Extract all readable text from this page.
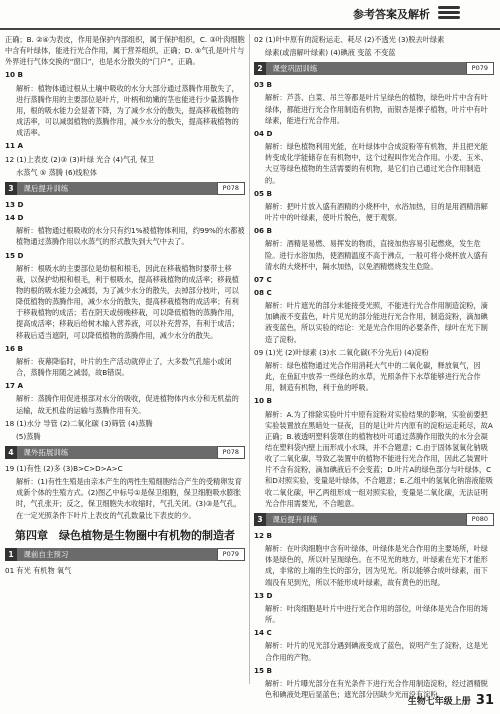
参考答案及解析

正确；B. ②④为表皮，作用是保护内部组织，属于保护组织，C. ③叶肉细胞中含有叶绿体，能进行光合作用，属于营养组织，正确；D. ⑤气孔是叶片与外界进行气体交换的“窗口”，也是水分散失的“门户”，正确。

10 B

解析：植物体通过根从土壤中吸收的水分大部分通过蒸腾作用散失了，进行蒸腾作用的主要部位是叶片，叶柄和幼嫩的茎也能进行少量蒸腾作用，根的吸水能力会显著下降，为了减少水分的散失，提高移栽植物的成活率，可以减弱植物的蒸腾作用，减少水分的散失，提高移栽植物的成活率。

11 A

12 (1)上表皮 (2)③ (3)叶绿 光合 (4)气孔 保卫

水蒸气 ⑤ 蒸腾 (6)线粒体

3 课后提升训练	P078

13 D

14 D

解析：植物通过根吸收的水分只有约1%被植物体利用，约99%的水都被植物通过蒸腾作用以水蒸气的形式散失到大气中去了。

15 D

解析：根吸水的主要部位是幼根和根毛，因此在移栽植物时要带土移栽，以保护幼根和根毛，利于根吸水，提高移栽植物的成活率；移栽植物的根的吸水能力会减弱，为了减少水分的散失，去掉部分枝叶，可以降低植物的蒸腾作用，减少水分的散失，提高移栽植物的成活率；有利于移栽植物的成活；若在阴天或傍晚移栽，可以降低植物的蒸腾作用，提高成活率；移栽后给树木输入营养液，可以补充营养，有利于成活；移栽后适当遮阴，可以降低植物的蒸腾作用，减少水分的散失。

16 B

解析：夜幕降临时，叶片的生产活动就停止了，大多数气孔缩小或闭合，蒸腾作用随之减弱，故B错误。

17 A

解析：蒸腾作用促进根部对水分的吸收，促进植物体内水分和无机盐的运输，故无机盐的运输与蒸腾作用有关。

18 (1)水分 导管 (2)二氧化碳 (3)筛管 (4)蒸腾

(5)蒸腾

4 课外拓展训练	P078

19 (1)有性 (2)多 (3)B>C>D>A>C

解析：(1)有性生殖是由亲本产生的两性生殖细胞结合产生的受精卵发育成新个体的生殖方式。(2)图乙中标号①是保卫细胞，保卫细胞吸水膨胀时，气孔张开；反之，保卫细胞失水收缩时，气孔关闭。(3)③是气孔，在一定光照条件下叶片上表皮的气孔数量比下表皮的少。

第四章　绿色植物是生物圈中有机物的制造者
1 课前自主预习	P079

01 有光 有机物 氧气

02 (1)叶中原有的淀粉运走、耗尽 (2)不透光 (3)脱去叶绿素

绿素(或溶解叶绿素) (4)碘液 变蓝 不变蓝

2 课堂巩固训练	P079

03 B

解析：芦荟、白菜、吊兰等都是叶片呈绿色的植物，绿色叶片中含有叶绿体，都能进行光合作用制造有机物，而银杏是裸子植物，叶片中有叶绿素，能进行光合作用。

04 D

解析：绿色植物利用光能，在叶绿体中合成淀粉等有机物，并且把光能转变成化学能储存在有机物中，这个过程叫作光合作用。小麦、玉米、大豆等绿色植物的生活需要的有机物，是它们自己通过光合作用制造的。

05 B

解析：把叶片放入盛有酒精的小烧杯中，水浴加热，目的是用酒精溶解叶片中的叶绿素，使叶片脱色，便于观察。

06 B

解析：酒精是易燃、易挥发的物质，直接加热容易引起燃烧，发生危险。进行水浴加热，使酒精温度不高于沸点，一般可将小烧杯放入盛有清水的大烧杯中，隔水加热，以免酒精燃烧发生危险。

07 C

08 C

解析：叶片遮光的部分未能接受光照，不能进行光合作用制造淀粉，滴加碘液不变蓝色，叶片见光的部分能进行光合作用，制造淀粉，滴加碘液变蓝色，所以实验的结论：光是光合作用的必要条件，绿叶在光下制造了淀粉。

09 (1)光 (2)叶绿素 (3)水 二氧化碳(不分先后) (4)淀粉

解析：绿色植物通过光合作用消耗大气中的二氧化碳，释放氧气，因此，在鱼缸中放养一些绿色的水草，光照条件下水草能够进行光合作用，制造有机物，利于鱼的呼吸。

10 B

解析：A.为了排除实验叶片中原有淀粉对实验结果的影响，实验前要把实验装置放在黑暗处一昼夜，目的是让叶片内原有的淀粉运走耗尽，故A正确；B.被透明塑料袋罩住的植物枝叶可通过蒸腾作用散失的水分会凝结在塑料袋内壁上而形成小水珠，并不合题意；C.由于固体氢氧化钠吸收了二氧化碳，导致乙装置中的植物不能进行光合作用，因此乙装置叶片不含有淀粉，滴加碘液后不会变蓝；D.叶片A的绿色部分与叶绿体，C和D对照实验，变量是叶绿体，不合题意；E.乙组中的氢氧化钠溶液能吸收二氧化碳，甲乙两组形成一组对照实验，变量是二氧化碳，无法证明光合作用需要光，不合题意。

3 课后提升训练	P080

12 B

解析：在叶肉细胞中含有叶绿体，叶绿体是光合作用的主要场所，叶绿体是绿色的，所以叶呈现绿色。在不见光的地方，叶绿素在光下才能形成，非常的上端的生长的部分，因为见光。所以能够合成叶绿素，而下端没有见到光，所以不能形成叶绿素，故有黄色的出现。

13 D

解析：叶肉细胞是叶片中进行光合作用的部位，叶绿体是光合作用的场所。

14 C

解析：叶片的见光部分遇到碘液变成了蓝色，说明产生了淀粉，这是光合作用的产物。

15 B

解析：叶片曝光部分在有光条件下进行光合作用制造淀粉，经过酒精脱色和碘液处理后显蓝色；遮光部分因缺少光而没有淀粉。

生物七年级上册 31
